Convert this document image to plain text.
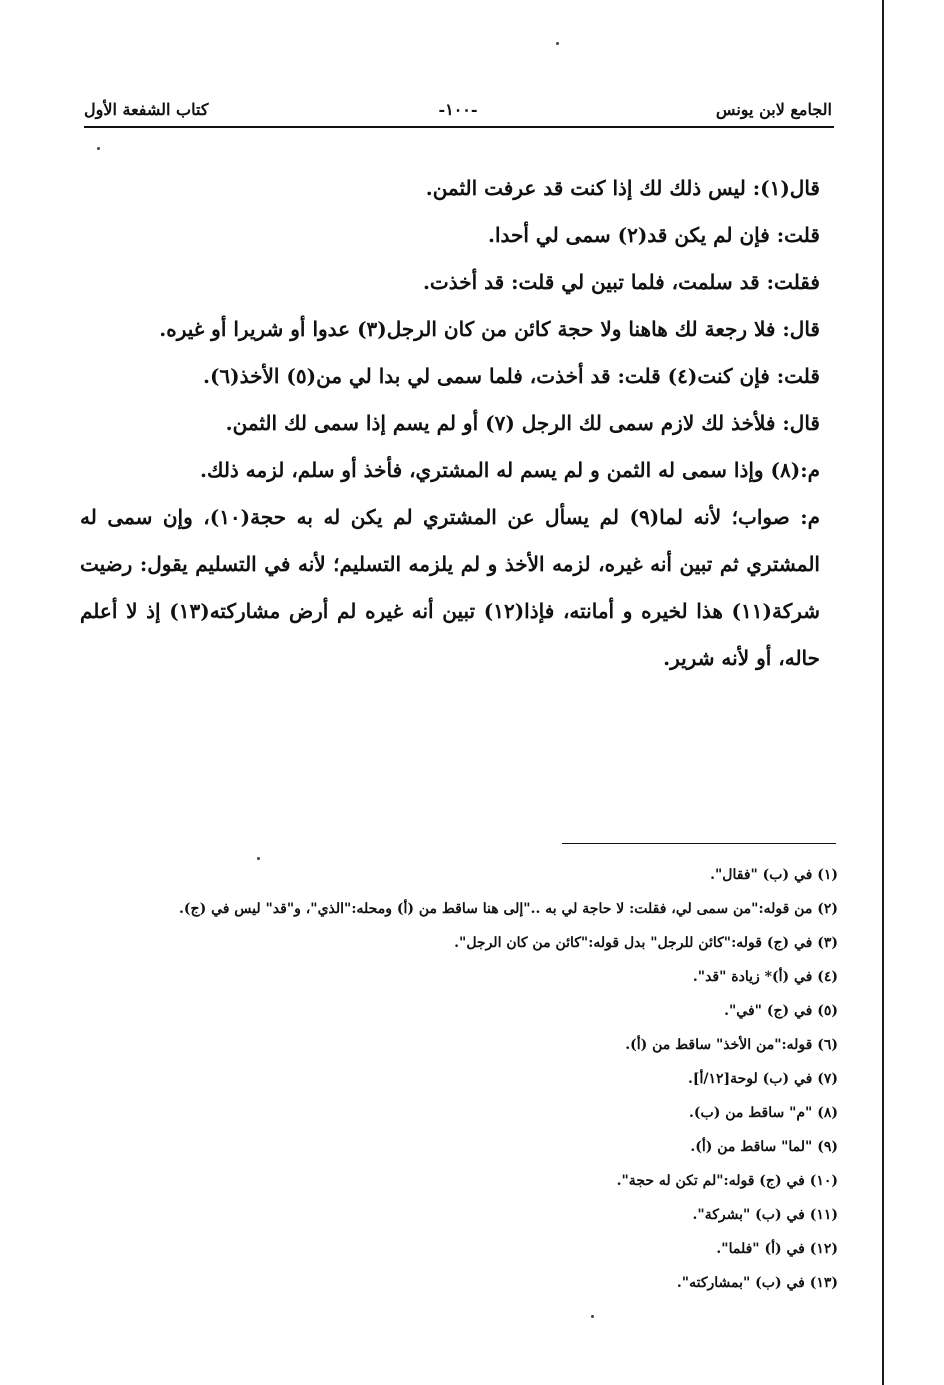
الجامع لابن يونس
-١٠٠-
كتاب الشفعة الأول

قال(١): ليس ذلك لك إذا كنت قد عرفت الثمن.

قلت: فإن لم يكن قد(٢) سمى لي أحدا.

فقلت: قد سلمت، فلما تبين لي قلت: قد أخذت.

قال: فلا رجعة لك هاهنا ولا حجة كائن من كان الرجل(٣) عدوا أو شريرا أو غيره.

قلت: فإن كنت(٤) قلت: قد أخذت، فلما سمى لي بدا لي من(٥) الأخذ(٦).

قال: فلأخذ لك لازم سمى لك الرجل (٧) أو لم يسم إذا سمى لك الثمن.

م:(٨) وإذا سمى له الثمن و لم يسم له المشتري، فأخذ أو سلم، لزمه ذلك.

م: صواب؛ لأنه لما(٩) لم يسأل عن المشتري لم يكن له به حجة(١٠)، وإن سمى له المشتري ثم تبين أنه غيره، لزمه الأخذ و لم يلزمه التسليم؛ لأنه في التسليم يقول: رضيت شركة(١١) هذا لخيره و أمانته، فإذا(١٢) تبين أنه غيره لم أرض مشاركته(١٣) إذ لا أعلم حاله، أو لأنه شرير.

(١) في (ب) "فقال".
(٢) من قوله:"من سمى لي، فقلت: لا حاجة لي به .."إلى هنا ساقط من (أ) ومحله:"الذي"، و"قد" ليس في (ج).
(٣) في (ج) قوله:"كائن للرجل" بدل قوله:"كائن من كان الرجل".
(٤) في (أ)* زيادة "قد".
(٥) في (ج) "في".
(٦) قوله:"من الأخذ" ساقط من (أ).
(٧) في (ب) لوحة[١٢/أ].
(٨) "م" ساقط من (ب).
(٩) "لما" ساقط من (أ).
(١٠) في (ج) قوله:"لم تكن له حجة".
(١١) في (ب) "بشركة".
(١٢) في (أ) "فلما".
(١٣) في (ب) "بمشاركته".
